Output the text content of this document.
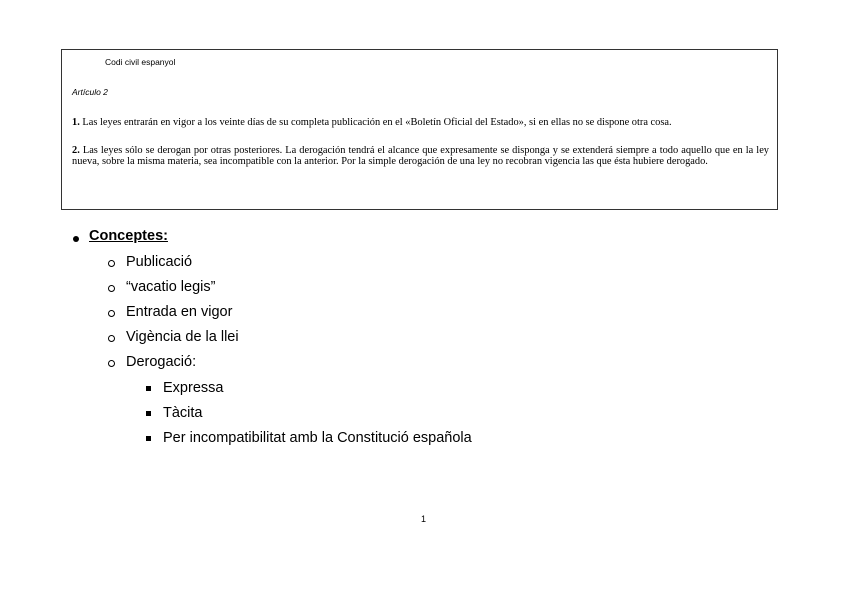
Codi civil espanyol
Artículo 2
1. Las leyes entrarán en vigor a los veinte días de su completa publicación en el «Boletín Oficial del Estado», si en ellas no se dispone otra cosa.
2. Las leyes sólo se derogan por otras posteriores. La derogación tendrá el alcance que expresamente se disponga y se extenderá siempre a todo aquello que en la ley nueva, sobre la misma materia, sea incompatible con la anterior. Por la simple derogación de una ley no recobran vigencia las que ésta hubiere derogado.
Conceptes:
Publicació
“vacatio legis”
Entrada en vigor
Vigència de la llei
Derogació:
Expressa
Tàcita
Per incompatibilitat amb la Constitució española
1
